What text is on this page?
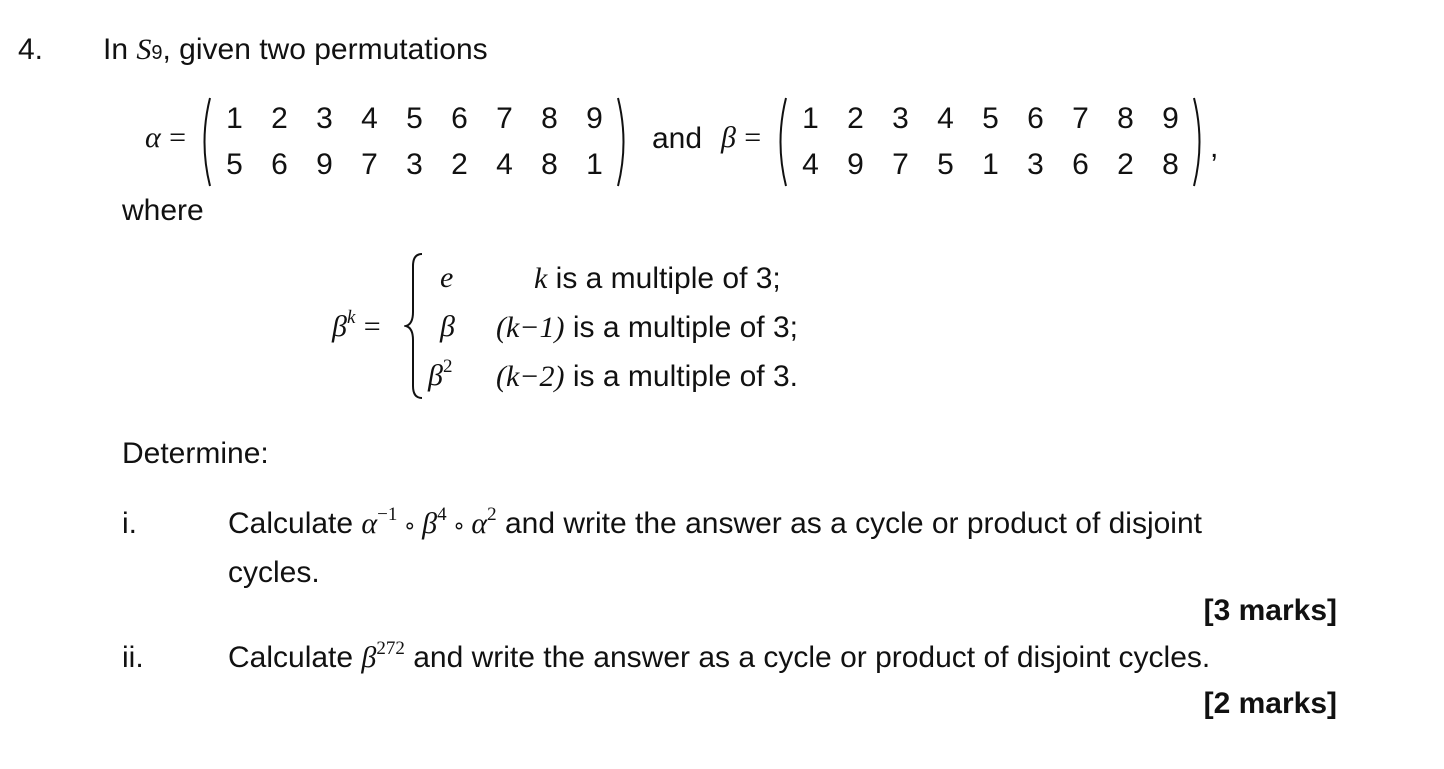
4. In S9, given two permutations
α =
1	2	3	4	5	6	7	8	9
5	6	9	7	3	2	4	8	1
and β =
1	2	3	4	5	6	7	8	9
4	9	7	5	1	3	6	2	8
,
where
$\beta^k$ =
e	k is a multiple of 3;
β (k−1) is a multiple of 3;
$\beta^2$ (k−2) is a multiple of 3.
Determine:
i.	Calculate $\alpha^{-1}$ ∘ $\beta^4$ ∘ $\alpha^2$ and write the answer as a cycle or product of disjoint
cycles.
[3 marks]
ii.	Calculate $\beta^{272}$ and write the answer as a cycle or product of disjoint cycles.
[2 marks]
